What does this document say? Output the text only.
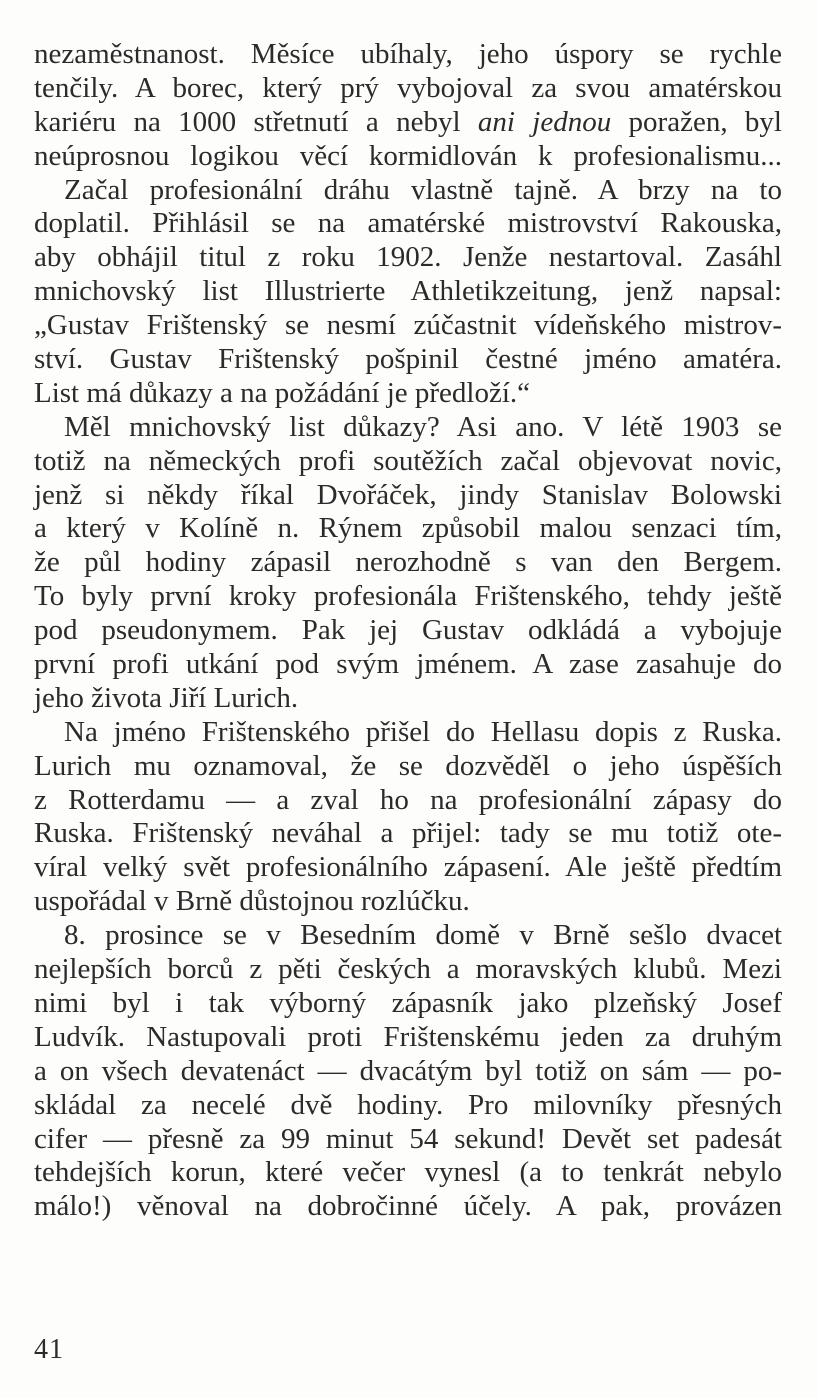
nezaměstnanost. Měsíce ubíhaly, jeho úspory se rychle
tenčily. A borec, který prý vybojoval za svou amatérskou
kariéru na 1000 střetnutí a nebyl ani jednou poražen, byl
neúprosnou logikou věcí kormidlován k profesionalismu...
Začal profesionální dráhu vlastně tajně. A brzy na to
doplatil. Přihlásil se na amatérské mistrovství Rakouska,
aby obhájil titul z roku 1902. Jenže nestartoval. Zasáhl
mnichovský list Illustrierte Athletikzeitung, jenž napsal:
„Gustav Frištenský se nesmí zúčastnit vídeňského mistrov-
ství. Gustav Frištenský pošpinil čestné jméno amatéra.
List má důkazy a na požádání je předloží.“
Měl mnichovský list důkazy? Asi ano. V létě 1903 se
totiž na německých profi soutěžích začal objevovat novic,
jenž si někdy říkal Dvořáček, jindy Stanislav Bolowski
a který v Kolíně n. Rýnem způsobil malou senzaci tím,
že půl hodiny zápasil nerozhodně s van den Bergem.
To byly první kroky profesionála Frištenského, tehdy ještě
pod pseudonymem. Pak jej Gustav odkládá a vybojuje
první profi utkání pod svým jménem. A zase zasahuje do
jeho života Jiří Lurich.
Na jméno Frištenského přišel do Hellasu dopis z Ruska.
Lurich mu oznamoval, že se dozvěděl o jeho úspěších
z Rotterdamu — a zval ho na profesionální zápasy do
Ruska. Frištenský neváhal a přijel: tady se mu totiž ote-
víral velký svět profesionálního zápasení. Ale ještě předtím
uspořádal v Brně důstojnou rozlúčku.
8. prosince se v Besedním domě v Brně sešlo dvacet
nejlepších borců z pěti českých a moravských klubů. Mezi
nimi byl i tak výborný zápasník jako plzeňský Josef
Ludvík. Nastupovali proti Frištenskému jeden za druhým
a on všech devatenáct — dvacátým byl totiž on sám — po-
skládal za necelé dvě hodiny. Pro milovníky přesných
cifer — přesně za 99 minut 54 sekund! Devět set padesát
tehdejších korun, které večer vynesl (a to tenkrát nebylo
málo!) věnoval na dobročinné účely. A pak, provázen
41
